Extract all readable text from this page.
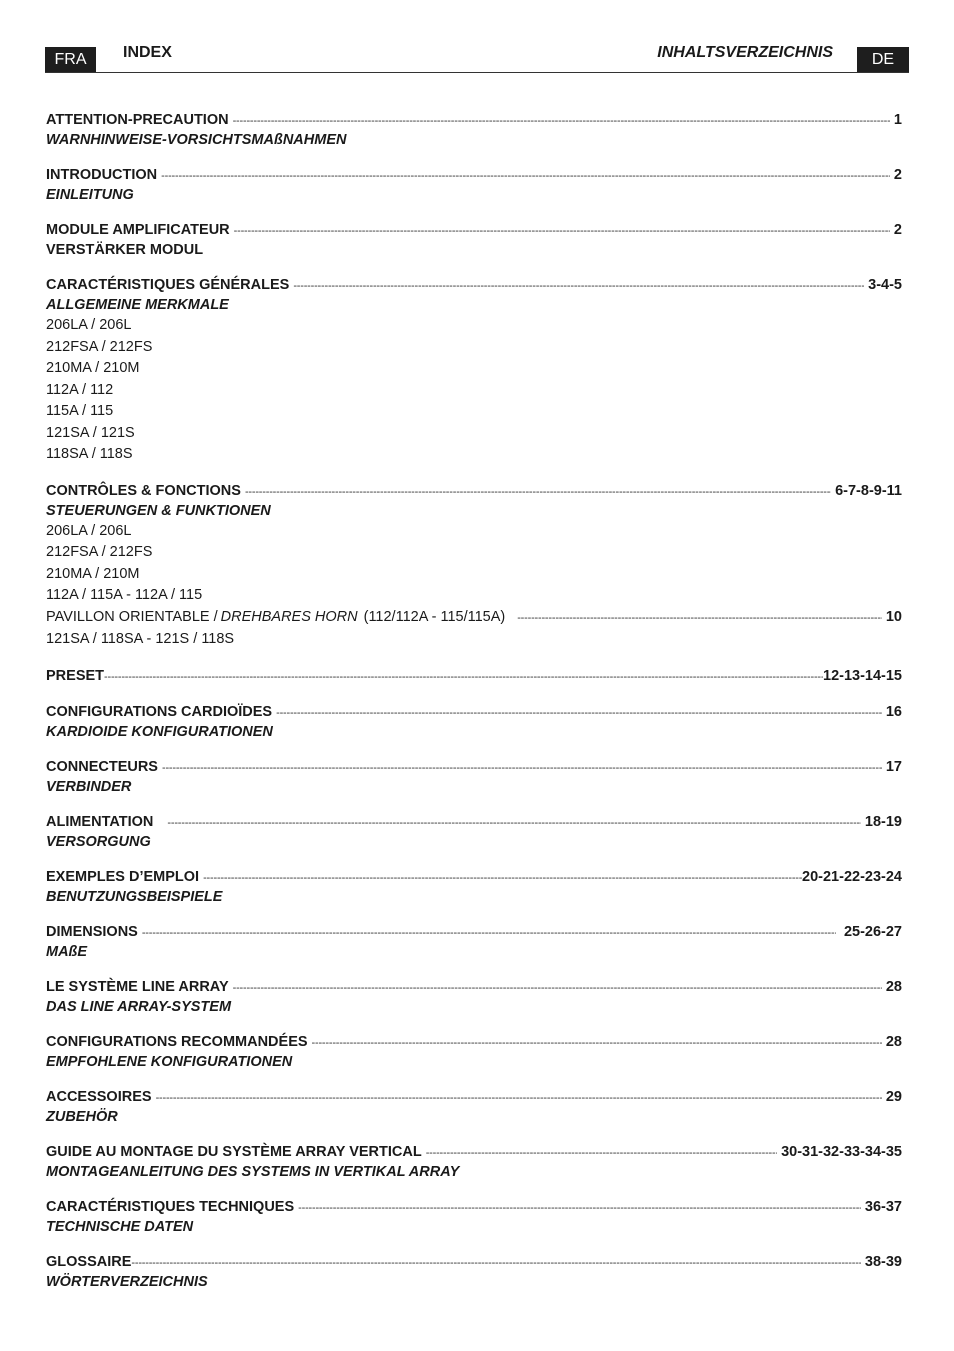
FRA	INDEX	INHALTSVERZEICHNIS	DE
ATTENTION-PRECAUTION -----	1
WARNHINWEISE-VORSICHTSMAßNAHMEN
INTRODUCTION -----	2
EINLEITUNG
MODULE AMPLIFICATEUR -----	2
VERSTÄRKER MODUL
CARACTÉRISTIQUES GÉNÉRALES -----	3-4-5
ALLGEMEINE MERKMALE
206LA / 206L
212FSA / 212FS
210MA / 210M
112A / 112
115A / 115
121SA / 121S
118SA / 118S
CONTRÔLES & FONCTIONS -----	6-7-8-9-11
STEUERUNGEN & FUNKTIONEN
206LA / 206L
212FSA / 212FS
210MA / 210M
112A / 115A - 112A / 115
PAVILLON ORIENTABLE / DREHBARES HORN (112/112A - 115/115A) -----	10
121SA / 118SA - 121S / 118S
PRESET -----	12-13-14-15
CONFIGURATIONS CARDIOÏDES -----	16
KARDIOIDE KONFIGURATIONEN
CONNECTEURS -----	17
VERBINDER
ALIMENTATION -----	18-19
VERSORGUNG
EXEMPLES D’EMPLOI -----	20-21-22-23-24
BENUTZUNGSBEISPIELE
DIMENSIONS -----	25-26-27
MAßE
LE SYSTÈME LINE ARRAY -----	28
DAS LINE ARRAY-SYSTEM
CONFIGURATIONS RECOMMANDÉES -----	28
EMPFOHLENE KONFIGURATIONEN
ACCESSOIRES -----	29
ZUBEHÖR
GUIDE AU MONTAGE DU SYSTÈME ARRAY VERTICAL -----	30-31-32-33-34-35
MONTAGEANLEITUNG DES SYSTEMS IN VERTIKAL ARRAY
CARACTÉRISTIQUES TECHNIQUES -----	36-37
TECHNISCHE DATEN
GLOSSAIRE -----	38-39
WÖRTERVERZEICHNIS
